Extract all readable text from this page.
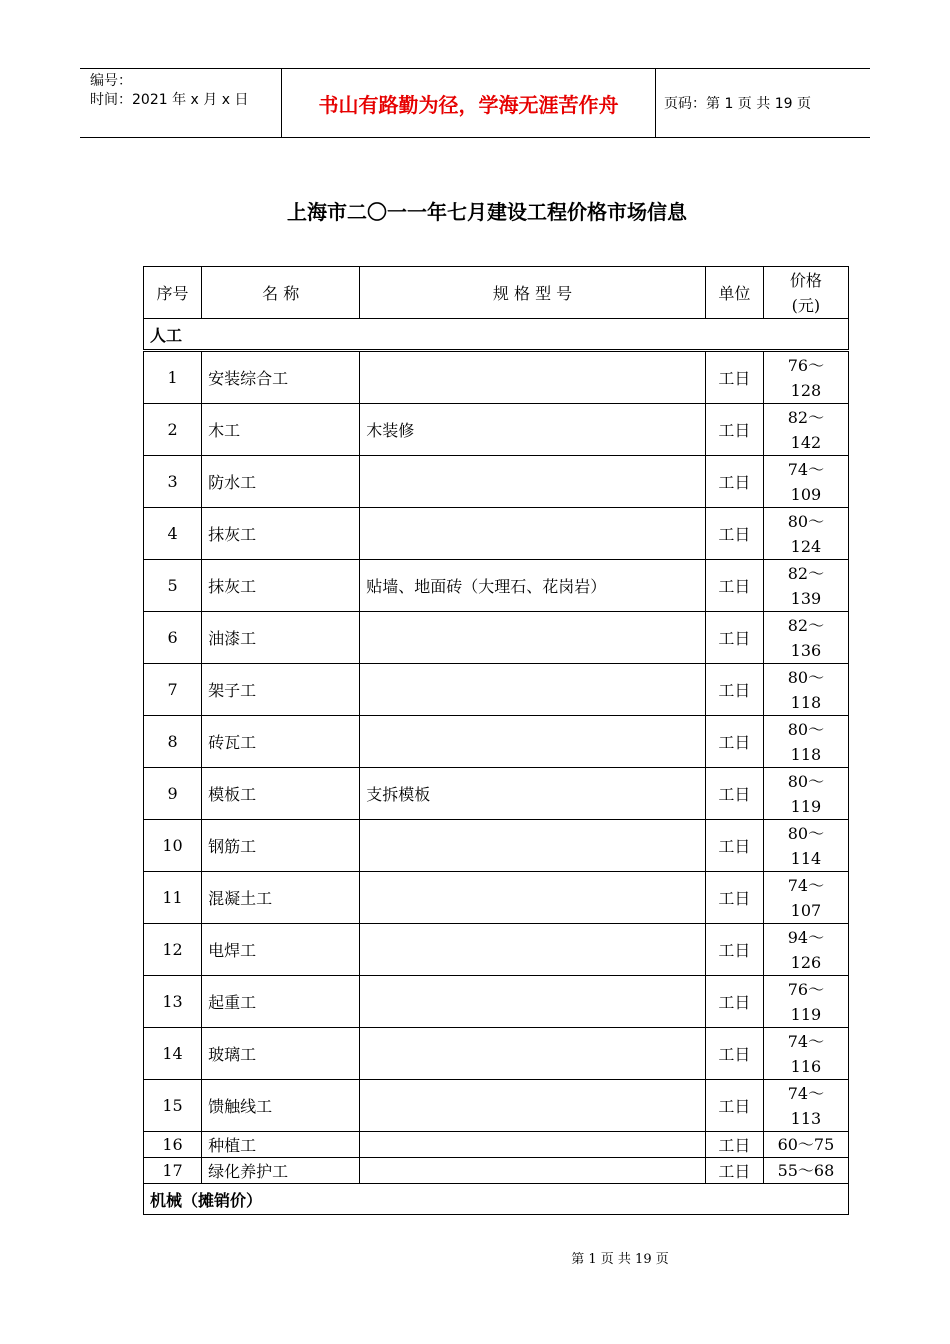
编号：
时间：2021 年 x 月 x 日	书山有路勤为径，学海无涯苦作舟	页码：第 1 页 共 19 页
上海市二〇一一年七月建设工程价格市场信息
序号	名 称	规 格 型 号	单位	价格
(元)

人工				
1	安装综合工		工日	76～
128

2	木工	木装修	工日	82～
142

3	防水工		工日	74～
109

4	抹灰工		工日	80～
124

5	抹灰工	贴墙、地面砖（大理石、花岗岩）	工日	82～
139

6	油漆工		工日	82～
136

7	架子工		工日	80～
118

8	砖瓦工		工日	80～
118

9	模板工	支拆模板	工日	80～
119

10	钢筋工		工日	80～
114

11	混凝土工		工日	74～
107

12	电焊工		工日	94～
126

13	起重工		工日	76～
119

14	玻璃工		工日	74～
116

15	馈触线工		工日	74～
113

16	种植工		工日	60～75

17	绿化养护工		工日	55～68

机械（摊销价）				
第 1 页 共 19 页
